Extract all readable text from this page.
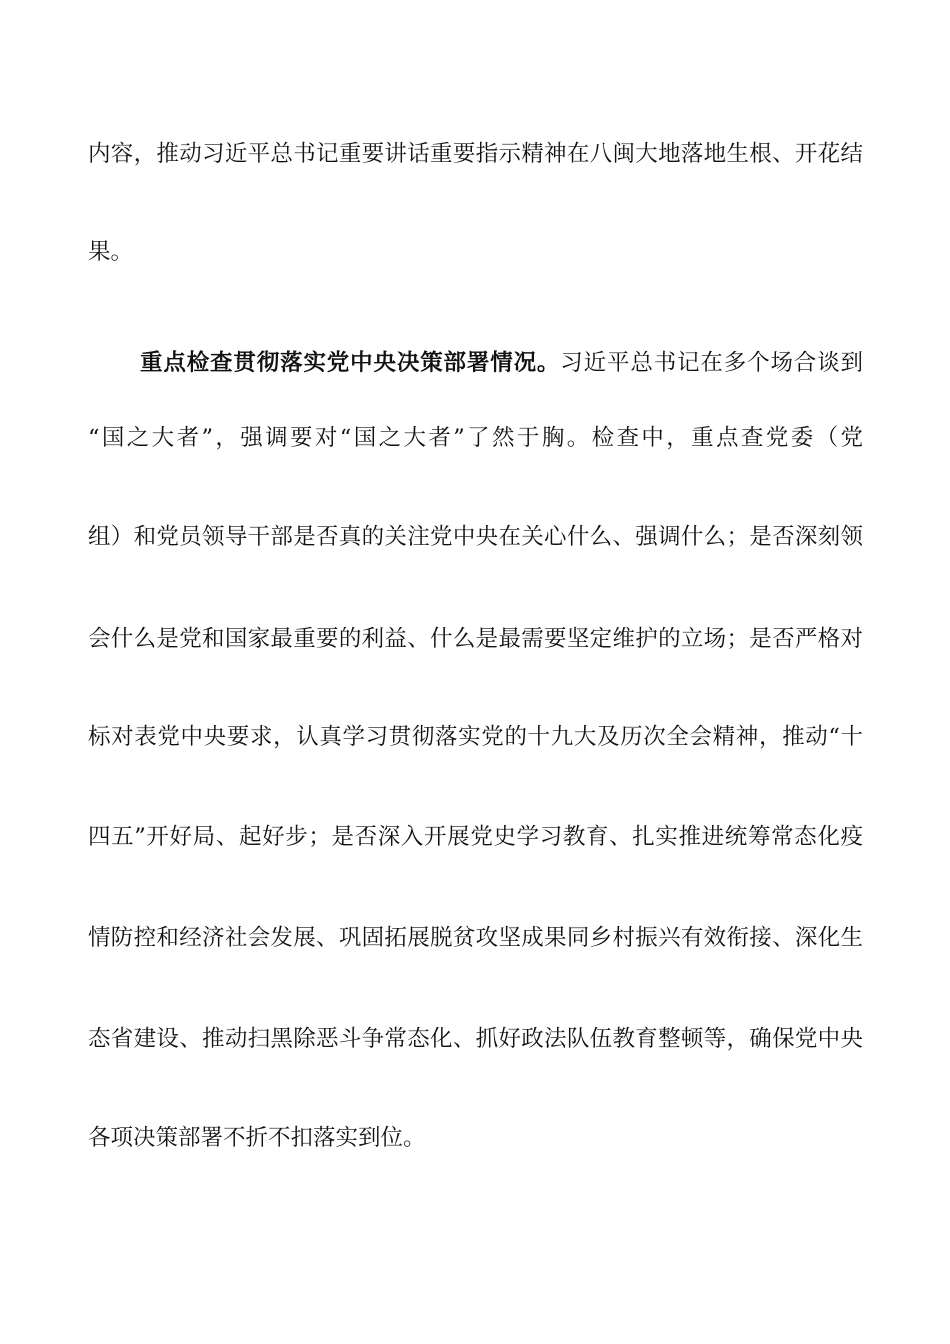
内容，推动习近平总书记重要讲话重要指示精神在八闽大地落地生根、开花结
果。
重点检查贯彻落实党中央决策部署情况。习近平总书记在多个场合谈到
“国之大者”，强调要对“国之大者”了然于胸。检查中，重点查党委（党
组）和党员领导干部是否真的关注党中央在关心什么、强调什么；是否深刻领
会什么是党和国家最重要的利益、什么是最需要坚定维护的立场；是否严格对
标对表党中央要求，认真学习贯彻落实党的十九大及历次全会精神，推动“十
四五”开好局、起好步；是否深入开展党史学习教育、扎实推进统筹常态化疫
情防控和经济社会发展、巩固拓展脱贫攻坚成果同乡村振兴有效衔接、深化生
态省建设、推动扫黑除恶斗争常态化、抓好政法队伍教育整顿等，确保党中央
各项决策部署不折不扣落实到位。
